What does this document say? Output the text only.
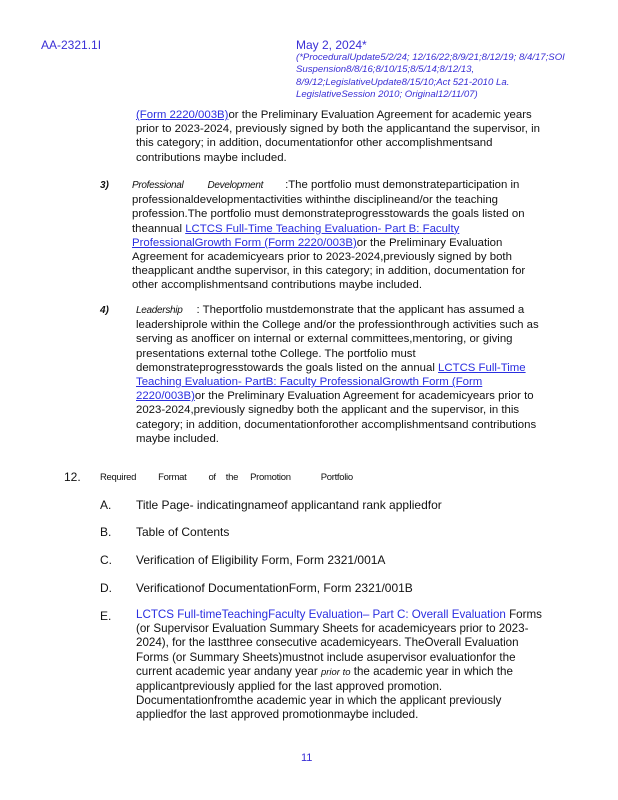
AA-2321.1I	May 2, 2024*
(*ProceduralUpdate5/2/24; 12/16/22;8/9/21;8/12/19; 8/4/17;SOI Suspension8/8/16;8/10/15;8/5/14;8/12/13, 8/9/12;LegislativeUpdate8/15/10;Act 521-2010 La. LegislativeSession 2010; Original12/11/07)
(Form 2220/003B)or the Preliminary Evaluation Agreement for academic years prior to 2023-2024, previously signed by both the applicantand the supervisor, in this category; in addition, documentationfor other accomplishmentsand contributions maybe included.
3) Professional Development :The portfolio must demonstrateparticipation in professionaldevelopmentactivities withinthe disciplineand/or the teaching profession.The portfolio must demonstrateprogresstowards the goals listed on theannual LCTCS Full-Time Teaching Evaluation- Part B: Faculty ProfessionalGrowth Form (Form 2220/003B)or the Preliminary Evaluation Agreement for academicyears prior to 2023-2024,previously signed by both theapplicant andthe supervisor, in this category; in addition, documentation for other accomplishmentsand contributions maybe included.
4)	Leadership : Theportfolio mustdemonstrate that the applicant has assumed a leadershiprole within the College and/or the professionthrough activities such as serving as anofficer on internal or external committees,mentoring, or giving presentations external tothe College. The portfolio must demonstrateprogresstowards the goals listed on the annual LCTCS Full-Time Teaching Evaluation- PartB: Faculty ProfessionalGrowth Form (Form 2220/003B)or the Preliminary Evaluation Agreement for academicyears prior to 2023-2024,previously signedby both the applicant and the supervisor, in this category; in addition, documentationforother accomplishmentsand contributions maybe included.
12. Required Format of the Promotion	Portfolio
A. Title Page- indicatingnameof applicantand rank appliedfor
B. Table of Contents
C. Verification of Eligibility Form, Form 2321/001A
D. Verificationof DocumentationForm, Form 2321/001B
E. LCTCS Full-timeTeachingFaculty Evaluation– Part C: Overall Evaluation Forms (or Supervisor Evaluation Summary Sheets for academicyears prior to 2023-2024), for the lastthree consecutive academicyears. TheOverall Evaluation Forms (or Summary Sheets)mustnot include asupervisor evaluationfor the current academic year andany year prior to the academic year in which the applicantpreviously applied for the last approved promotion. Documentationfromthe academic year in which the applicant previously appliedfor the last approved promotionmaybe included.
11
